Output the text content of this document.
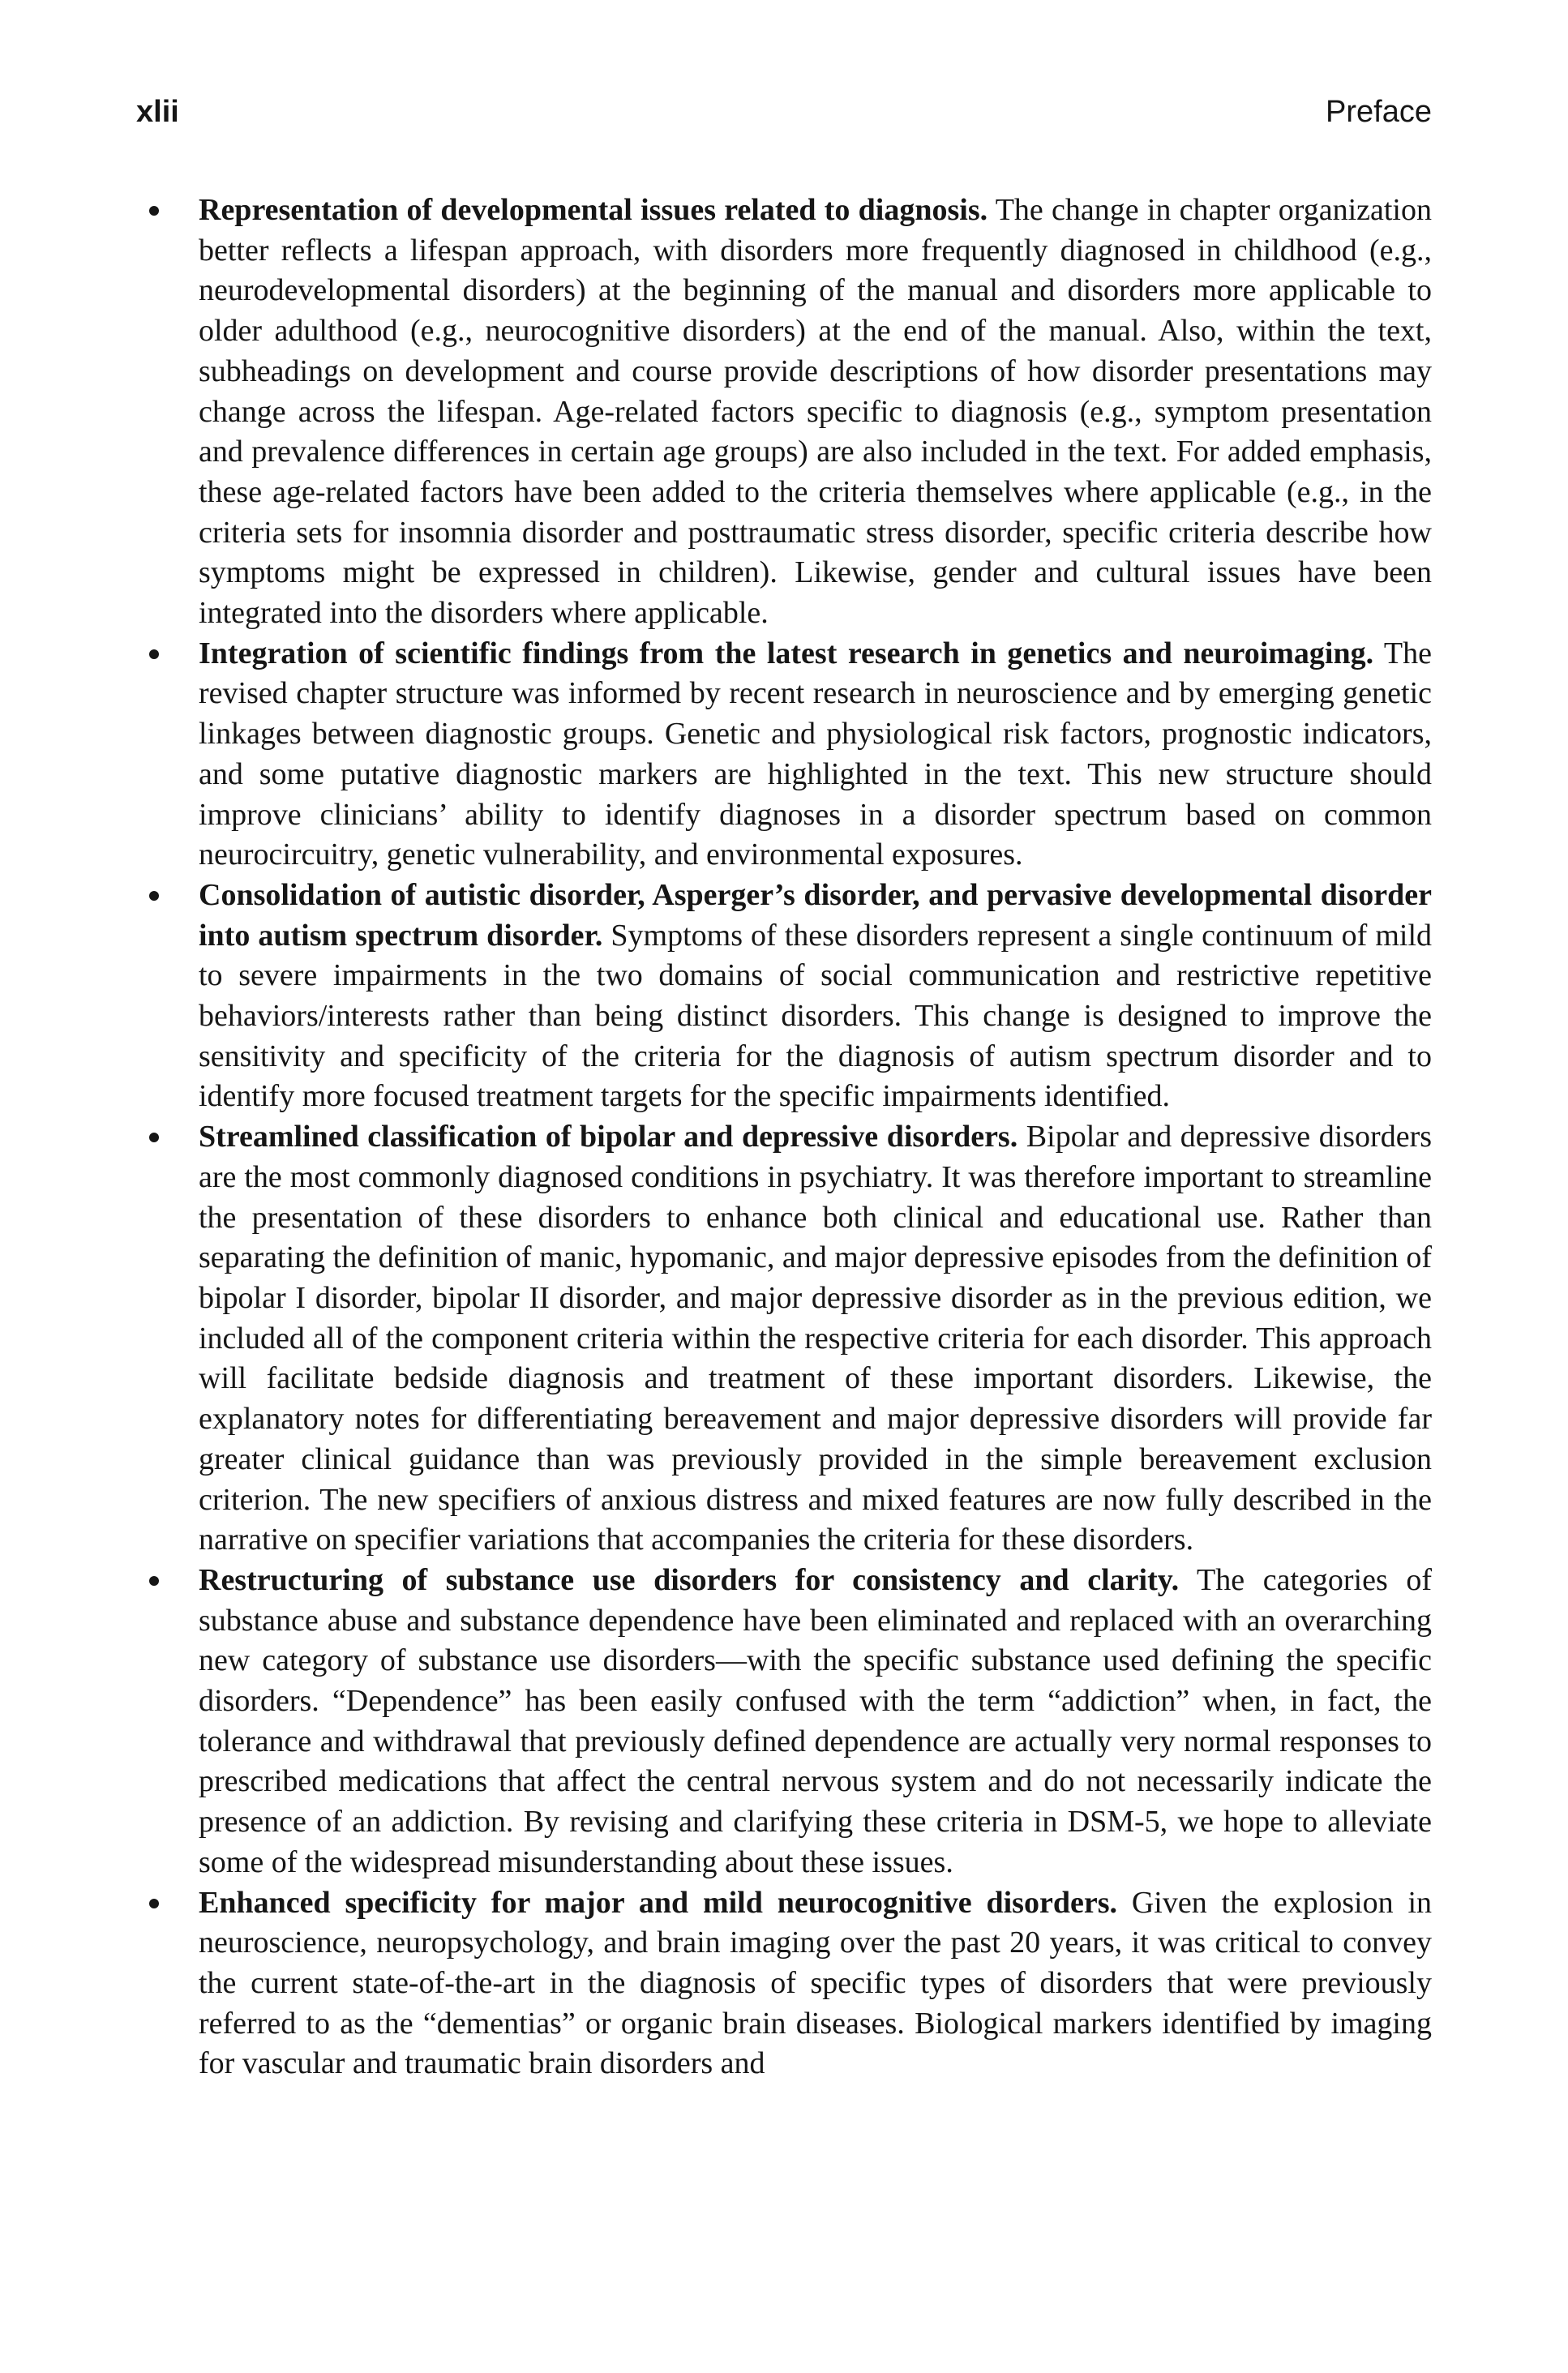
xlii	Preface
Representation of developmental issues related to diagnosis. The change in chapter organization better reflects a lifespan approach, with disorders more frequently diagnosed in childhood (e.g., neurodevelopmental disorders) at the beginning of the manual and disorders more applicable to older adulthood (e.g., neurocognitive disorders) at the end of the manual. Also, within the text, subheadings on development and course provide descriptions of how disorder presentations may change across the lifespan. Age-related factors specific to diagnosis (e.g., symptom presentation and prevalence differences in certain age groups) are also included in the text. For added emphasis, these age-related factors have been added to the criteria themselves where applicable (e.g., in the criteria sets for insomnia disorder and posttraumatic stress disorder, specific criteria describe how symptoms might be expressed in children). Likewise, gender and cultural issues have been integrated into the disorders where applicable.
Integration of scientific findings from the latest research in genetics and neuroimaging. The revised chapter structure was informed by recent research in neuroscience and by emerging genetic linkages between diagnostic groups. Genetic and physiological risk factors, prognostic indicators, and some putative diagnostic markers are highlighted in the text. This new structure should improve clinicians’ ability to identify diagnoses in a disorder spectrum based on common neurocircuitry, genetic vulnerability, and environmental exposures.
Consolidation of autistic disorder, Asperger’s disorder, and pervasive developmental disorder into autism spectrum disorder. Symptoms of these disorders represent a single continuum of mild to severe impairments in the two domains of social communication and restrictive repetitive behaviors/interests rather than being distinct disorders. This change is designed to improve the sensitivity and specificity of the criteria for the diagnosis of autism spectrum disorder and to identify more focused treatment targets for the specific impairments identified.
Streamlined classification of bipolar and depressive disorders. Bipolar and depressive disorders are the most commonly diagnosed conditions in psychiatry. It was therefore important to streamline the presentation of these disorders to enhance both clinical and educational use. Rather than separating the definition of manic, hypomanic, and major depressive episodes from the definition of bipolar I disorder, bipolar II disorder, and major depressive disorder as in the previous edition, we included all of the component criteria within the respective criteria for each disorder. This approach will facilitate bedside diagnosis and treatment of these important disorders. Likewise, the explanatory notes for differentiating bereavement and major depressive disorders will provide far greater clinical guidance than was previously provided in the simple bereavement exclusion criterion. The new specifiers of anxious distress and mixed features are now fully described in the narrative on specifier variations that accompanies the criteria for these disorders.
Restructuring of substance use disorders for consistency and clarity. The categories of substance abuse and substance dependence have been eliminated and replaced with an overarching new category of substance use disorders—with the specific substance used defining the specific disorders. “Dependence” has been easily confused with the term “addiction” when, in fact, the tolerance and withdrawal that previously defined dependence are actually very normal responses to prescribed medications that affect the central nervous system and do not necessarily indicate the presence of an addiction. By revising and clarifying these criteria in DSM-5, we hope to alleviate some of the widespread misunderstanding about these issues.
Enhanced specificity for major and mild neurocognitive disorders. Given the explosion in neuroscience, neuropsychology, and brain imaging over the past 20 years, it was critical to convey the current state-of-the-art in the diagnosis of specific types of disorders that were previously referred to as the “dementias” or organic brain diseases. Biological markers identified by imaging for vascular and traumatic brain disorders and
